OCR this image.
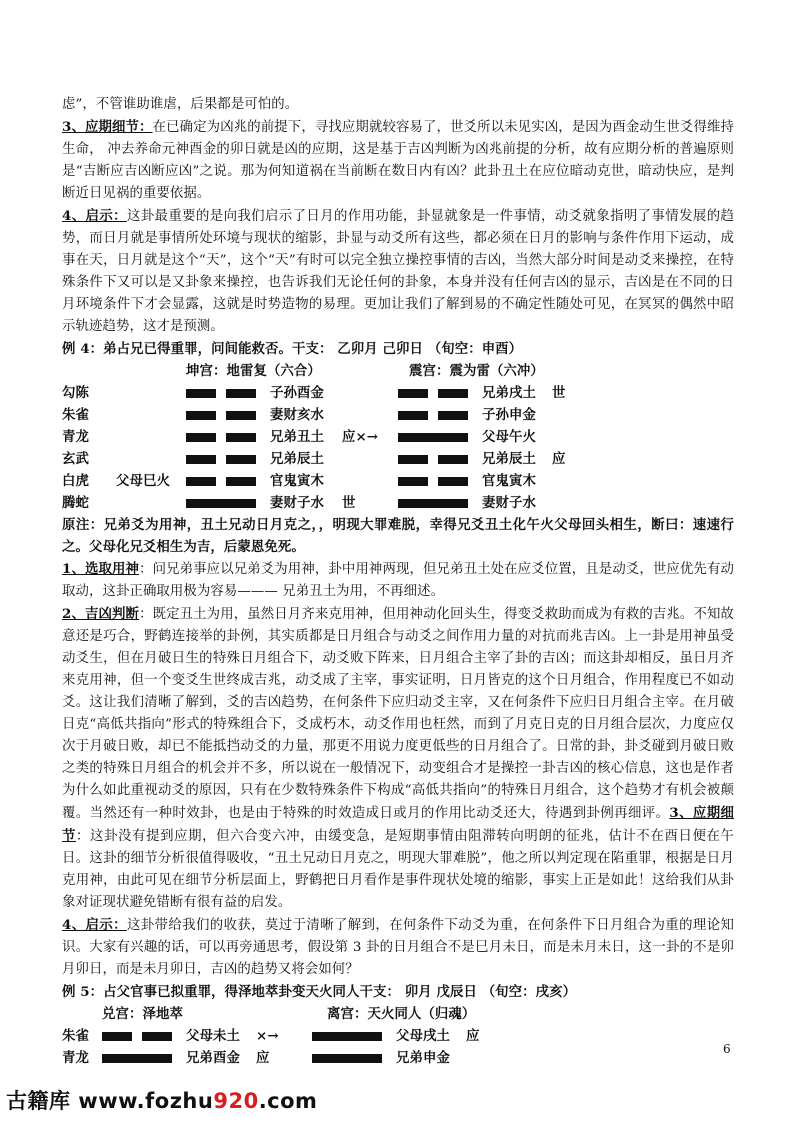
虑”，不管谁助谁虐，后果都是可怕的。

3、应期细节：在已确定为凶兆的前提下，寻找应期就较容易了，世爻所以未见实凶，是因为酉金动生世爻得维持生命， 冲去养命元神酉金的卯日就是凶的应期，这是基于吉凶判断为凶兆前提的分析，故有应期分析的普遍原则是“吉断应吉凶断应凶”之说。那为何知道祸在当前断在数日内有凶？此卦丑土在应位暗动克世，暗动快应，是判断近日见祸的重要依据。

4、启示：这卦最重要的是向我们启示了日月的作用功能，卦显就象是一件事情，动爻就象指明了事情发展的趋势，而日月就是事情所处环境与现状的缩影，卦显与动爻所有这些，都必须在日月的影响与条件作用下运动，成事在天，日月就是这个“天”，这个“天”有时可以完全独立操控事情的吉凶，当然大部分时间是动爻来操控，在特殊条件下又可以是又卦象来操控，也告诉我们无论任何的卦象，本身并没有任何吉凶的显示，吉凶是在不同的日月环境条件下才会显露，这就是时势造物的易理。更加让我们了解到易的不确定性随处可见，在冥冥的偶然中昭示轨迹趋势，这才是预测。

例 4：弟占兄已得重罪，问间能救否。干支： 乙卯月 己卯日 （旬空：申酉）

坤宫：地雷复（六合）	震宫：震为雷（六冲）
勾陈	子孙酉金	兄弟戌土 世
朱雀	妻财亥水	子孙申金
青龙	兄弟丑土 应×→	父母午火
玄武	兄弟辰土	兄弟辰土 应
白虎 父母巳火	官鬼寅木	官鬼寅木
腾蛇	妻财子水 世	妻财子水

原注：兄弟爻为用神，丑土兄动日月克之，，明现大罪难脱，幸得兄爻丑土化午火父母回头相生，断曰：速速行之。父母化兄爻相生为吉，后蒙恩免死。

1、选取用神：问兄弟事应以兄弟爻为用神，卦中用神两现，但兄弟丑土处在应爻位置，且是动爻，世应优先有动取动，这卦正确取用极为容易——— 兄弟丑土为用，不再细述。

2、吉凶判断：既定丑土为用，虽然日月齐来克用神，但用神动化回头生，得变爻救助而成为有救的吉兆。不知故意还是巧合，野鹤连接举的卦例，其实质都是日月组合与动爻之间作用力量的对抗而兆吉凶。上一卦是用神虽受动爻生，但在月破日生的特殊日月组合下，动爻败下阵来，日月组合主宰了卦的吉凶；而这卦却相反，虽日月齐来克用神，但一个变爻生世终成吉兆，动爻成了主宰，事实证明，日月皆克的这个日月组合，作用程度已不如动爻。这让我们清晰了解到，爻的吉凶趋势，在何条件下应归动爻主宰，又在何条件下应归日月组合主宰。在月破日克“高低共指向”形式的特殊组合下，爻成朽木，动爻作用也枉然，而到了月克日克的日月组合层次，力度应仅次于月破日败，却已不能抵挡动爻的力量，那更不用说力度更低些的日月组合了。日常的卦，卦爻碰到月破日败之类的特殊日月组合的机会并不多，所以说在一般情况下，动变组合才是操控一卦吉凶的核心信息，这也是作者为什么如此重视动爻的原因，只有在少数特殊条件下构成“高低共指向”的特殊日月组合，这个趋势才有机会被颠覆。当然还有一种时效卦，也是由于特殊的时效造成日或月的作用比动爻还大，待遇到卦例再细评。3、应期细节：这卦没有提到应期，但六合变六冲，由缓变急，是短期事情由阻滞转向明朗的征兆，估计不在酉日便在午日。这卦的细节分析很值得吸收，“丑土兄动日月克之，明现大罪难脱”，他之所以判定现在陷重罪，根据是日月克用神，由此可见在细节分析层面上，野鹤把日月看作是事件现状处境的缩影，事实上正是如此！这给我们从卦象对证现状避免错断有很有益的启发。

4、启示：这卦带给我们的收获，莫过于清晰了解到，在何条件下动爻为重，在何条件下日月组合为重的理论知识。大家有兴趣的话，可以再旁通思考，假设第 3 卦的日月组合不是巳月未日，而是未月未日，这一卦的不是卯月卯日，而是未月卯日，吉凶的趋势又将会如何？

例 5：占父官事已拟重罪，得泽地萃卦变天火同人干支： 卯月 戊辰日 （旬空：戌亥）

兑宫：泽地萃	离宫：天火同人（归魂）
朱雀	父母未土 ×→	父母戌土 应
青龙	兄弟酉金 应	兄弟申金
6
古籍库 www.fozhu920.com
